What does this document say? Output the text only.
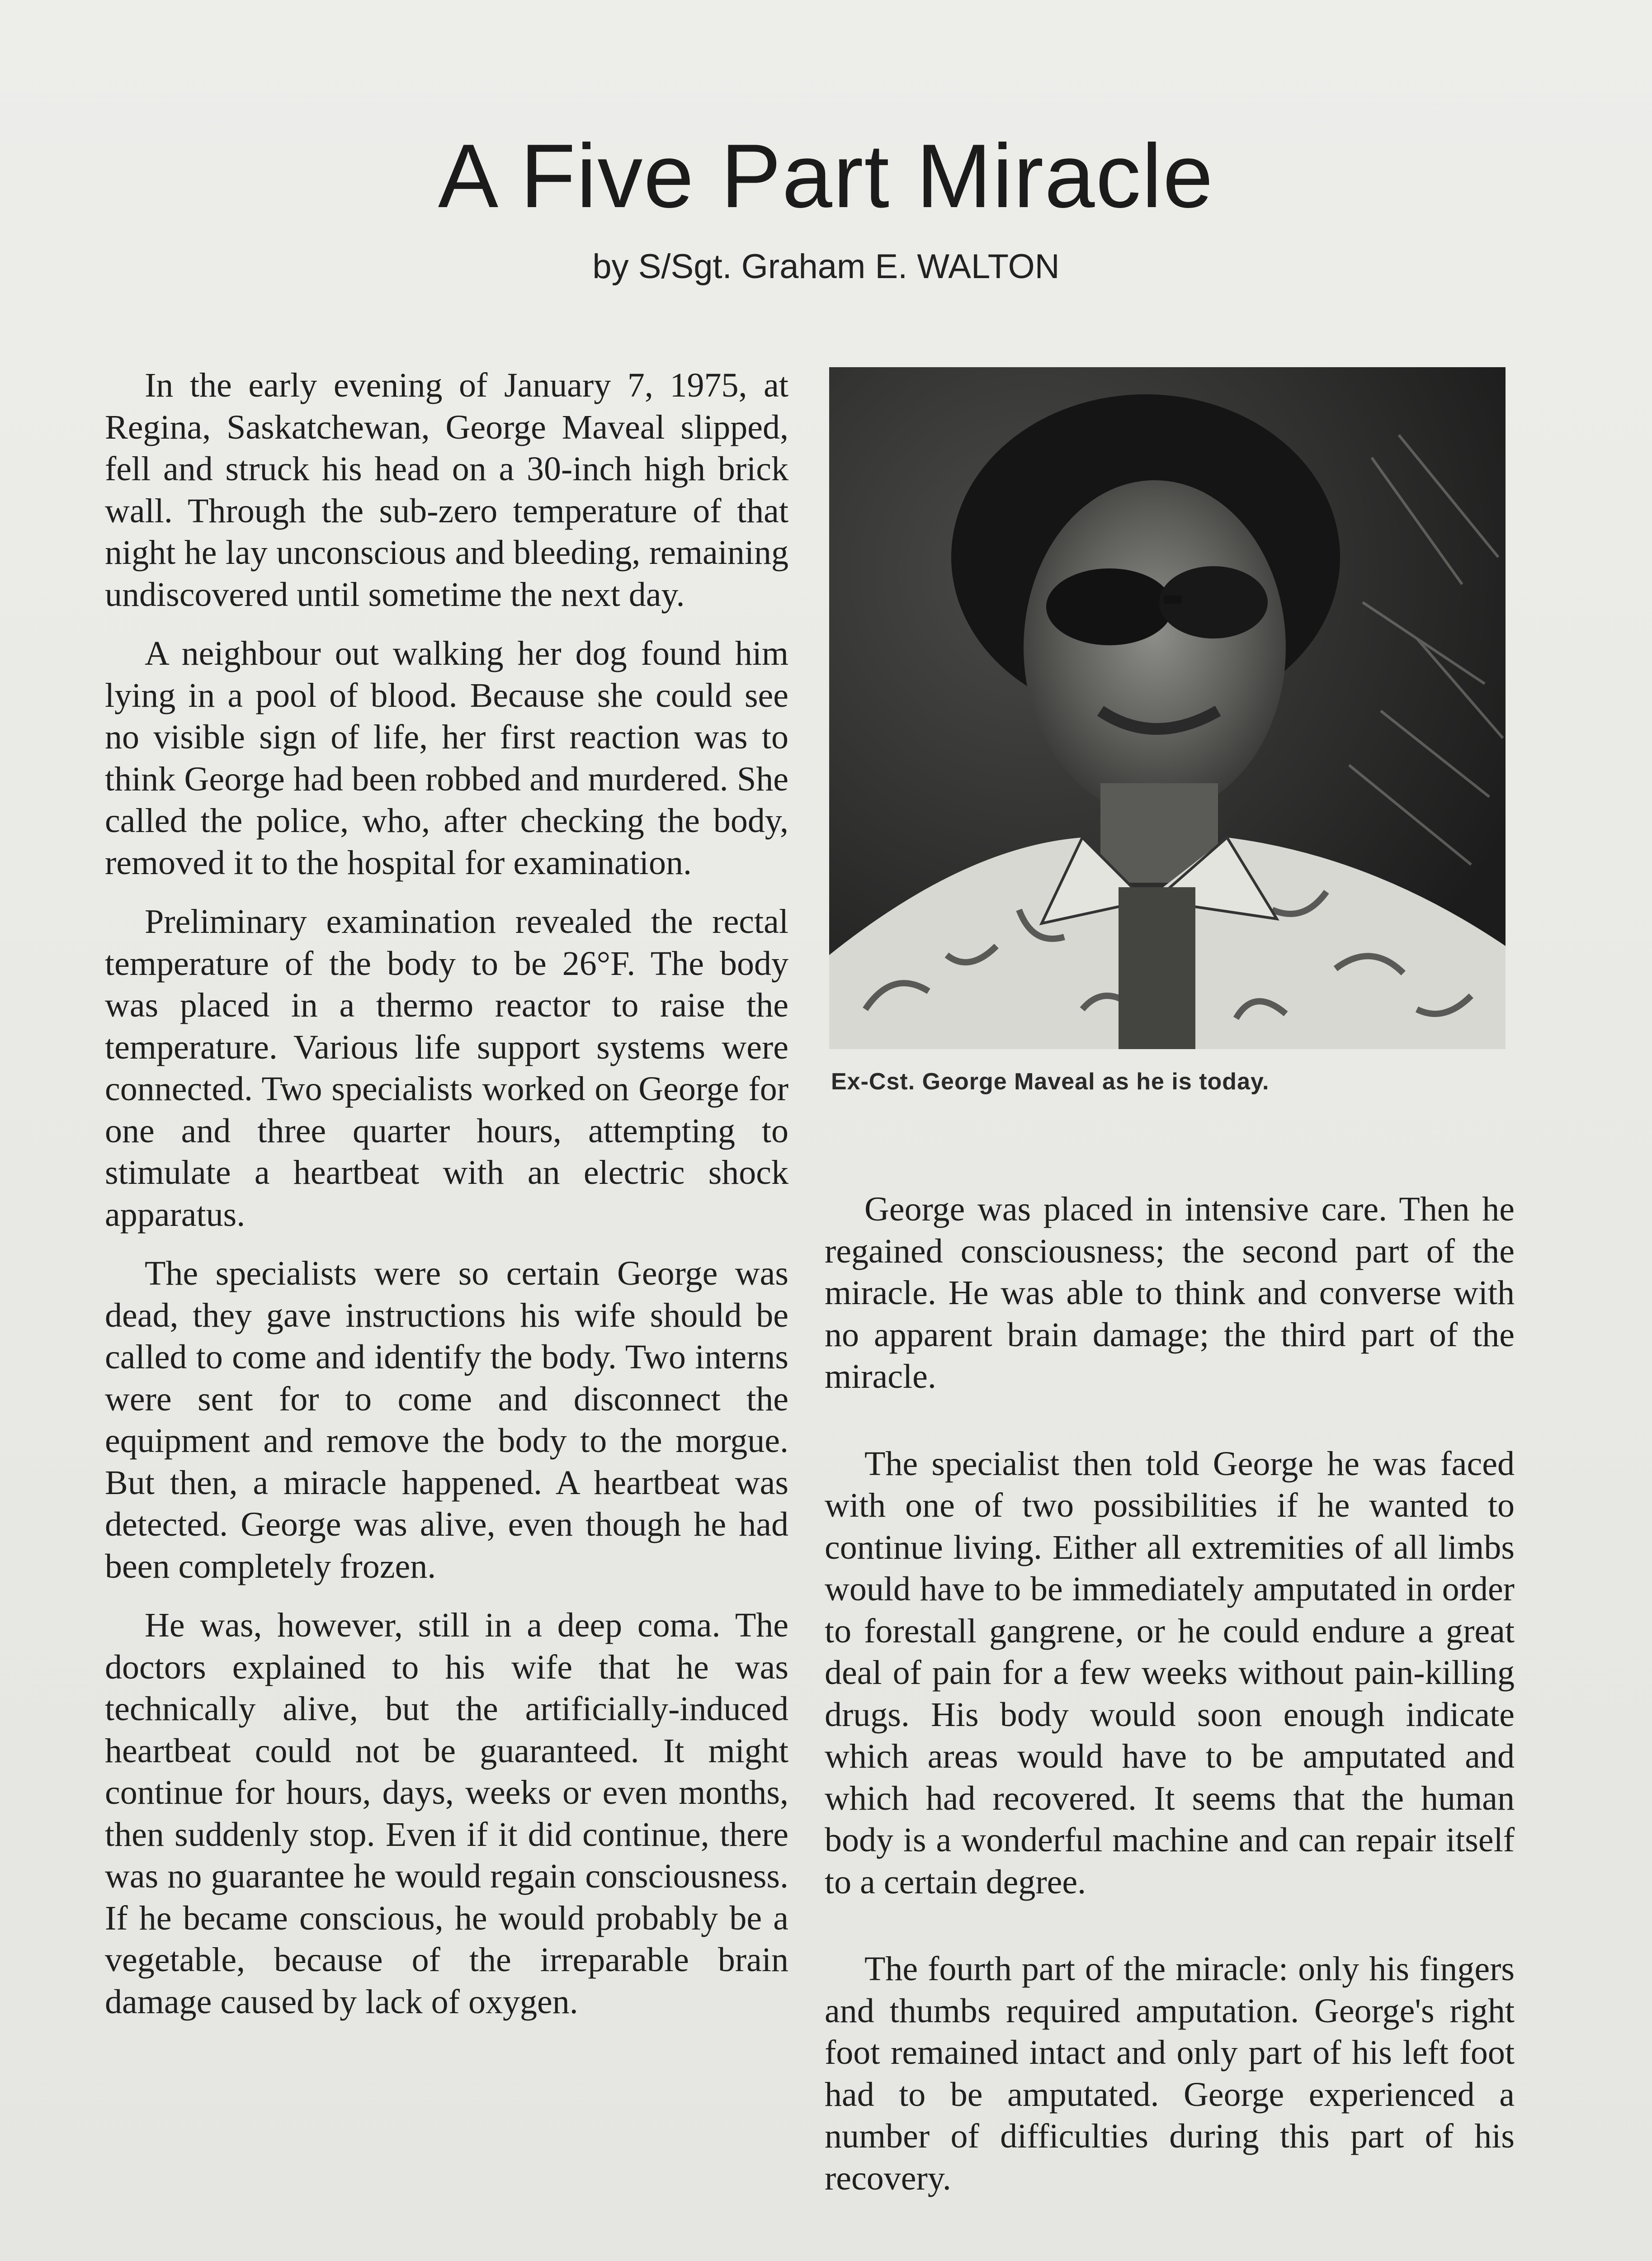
A Five Part Miracle

by S/Sgt. Graham E. WALTON

In the early evening of January 7, 1975, at Regina, Saskatchewan, George Maveal slipped, fell and struck his head on a 30-inch high brick wall. Through the sub-zero temperature of that night he lay unconscious and bleeding, remaining undiscovered until sometime the next day.

A neighbour out walking her dog found him lying in a pool of blood. Because she could see no visible sign of life, her first reaction was to think George had been robbed and murdered. She called the police, who, after checking the body, removed it to the hospital for examination.

Preliminary examination revealed the rectal temperature of the body to be 26°F. The body was placed in a thermo reactor to raise the temperature. Various life support systems were connected. Two specialists worked on George for one and three quarter hours, attempting to stimulate a heartbeat with an electric shock apparatus.

The specialists were so certain George was dead, they gave instructions his wife should be called to come and identify the body. Two interns were sent for to come and disconnect the equipment and remove the body to the morgue. But then, a miracle happened. A heartbeat was detected. George was alive, even though he had been completely frozen.

He was, however, still in a deep coma. The doctors explained to his wife that he was technically alive, but the artificially-induced heartbeat could not be guaranteed. It might continue for hours, days, weeks or even months, then suddenly stop. Even if it did continue, there was no guarantee he would regain consciousness. If he became conscious, he would probably be a vegetable, because of the irreparable brain damage caused by lack of oxygen.

Ex-Cst. George Maveal as he is today.

George was placed in intensive care. Then he regained consciousness; the second part of the miracle. He was able to think and converse with no apparent brain damage; the third part of the miracle.

The specialist then told George he was faced with one of two possibilities if he wanted to continue living. Either all extremities of all limbs would have to be immediately amputated in order to forestall gangrene, or he could endure a great deal of pain for a few weeks without pain-killing drugs. His body would soon enough indicate which areas would have to be amputated and which had recovered. It seems that the human body is a wonderful machine and can repair itself to a certain degree.

The fourth part of the miracle: only his fingers and thumbs required amputation. George's right foot remained intact and only part of his left foot had to be amputated. George experienced a number of difficulties during this part of his recovery.
